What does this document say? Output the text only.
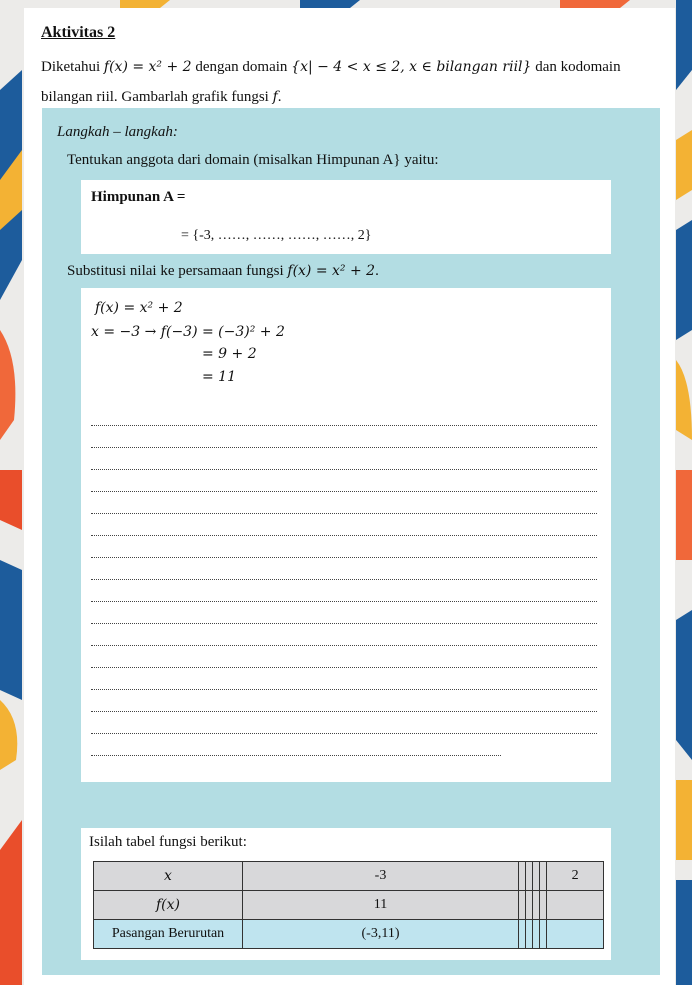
Aktivitas 2
Diketahui f(x) = x² + 2 dengan domain {x| − 4 < x ≤ 2, x ∈ bilangan riil} dan kodomain bilangan riil. Gambarlah grafik fungsi f.
Langkah – langkah:
Tentukan anggota dari domain (misalkan Himpunan A} yaitu:
Himpunan A =
= {-3, ……, ……, ……, ……, 2}
Substitusi nilai ke persamaan fungsi f(x) = x² + 2.
f(x) = x² + 2
x = −3 → f(−3) = (−3)² + 2
= 9 + 2
= 11
Isilah tabel fungsi berikut:
x	-3					2
f(x)	11					
Pasangan Berurutan	(-3,11)					
